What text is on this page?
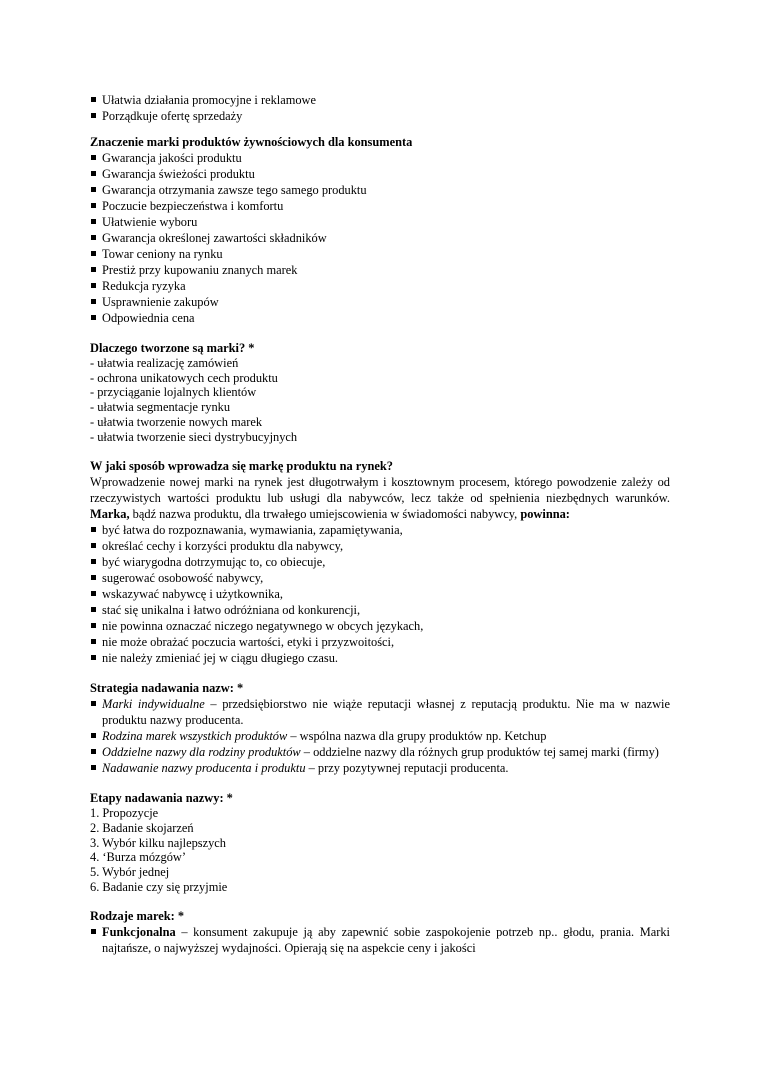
Ułatwia działania promocyjne i reklamowe
Porządkuje ofertę sprzedaży
Znaczenie marki produktów żywnościowych dla konsumenta
Gwarancja jakości produktu
Gwarancja świeżości produktu
Gwarancja otrzymania zawsze tego samego produktu
Poczucie bezpieczeństwa i komfortu
Ułatwienie wyboru
Gwarancja określonej zawartości składników
Towar ceniony na rynku
Prestiż przy kupowaniu znanych marek
Redukcja ryzyka
Usprawnienie zakupów
Odpowiednia cena
Dlaczego tworzone są marki? *
- ułatwia realizację zamówień
- ochrona unikatowych cech produktu
- przyciąganie lojalnych klientów
- ułatwia segmentacje rynku
- ułatwia tworzenie nowych marek
- ułatwia tworzenie sieci dystrybucyjnych
W jaki sposób wprowadza się markę produktu na rynek?
Wprowadzenie nowej marki na rynek jest długotrwałym i kosztownym procesem, którego powodzenie zależy od rzeczywistych wartości produktu lub usługi dla nabywców, lecz także od spełnienia niezbędnych warunków. Marka, bądź nazwa produktu, dla trwałego umiejscowienia w świadomości nabywcy, powinna:
być łatwa do rozpoznawania, wymawiania, zapamiętywania,
określać cechy i korzyści produktu dla nabywcy,
być wiarygodna dotrzymując to, co obiecuje,
sugerować osobowość nabywcy,
wskazywać nabywcę i użytkownika,
stać się unikalna i łatwo odróżniana od konkurencji,
nie powinna oznaczać niczego negatywnego w obcych językach,
nie może obrażać poczucia wartości, etyki i przyzwoitości,
nie należy zmieniać jej w ciągu długiego czasu.
Strategia nadawania nazw: *
Marki indywidualne – przedsiębiorstwo nie wiąże reputacji własnej z reputacją produktu. Nie ma w nazwie produktu nazwy producenta.
Rodzina marek wszystkich produktów – wspólna nazwa dla grupy produktów np. Ketchup
Oddzielne nazwy dla rodziny produktów – oddzielne nazwy dla różnych grup produktów tej samej marki (firmy)
Nadawanie nazwy producenta i produktu – przy pozytywnej reputacji producenta.
Etapy nadawania nazwy: *
1. Propozycje
2. Badanie skojarzeń
3. Wybór kilku najlepszych
4. ‘Burza mózgów’
5. Wybór jednej
6. Badanie czy się przyjmie
Rodzaje marek: *
Funkcjonalna – konsument zakupuje ją aby zapewnić sobie zaspokojenie potrzeb np.. głodu, prania. Marki najtańsze, o najwyższej wydajności. Opierają się na aspekcie ceny i jakości
